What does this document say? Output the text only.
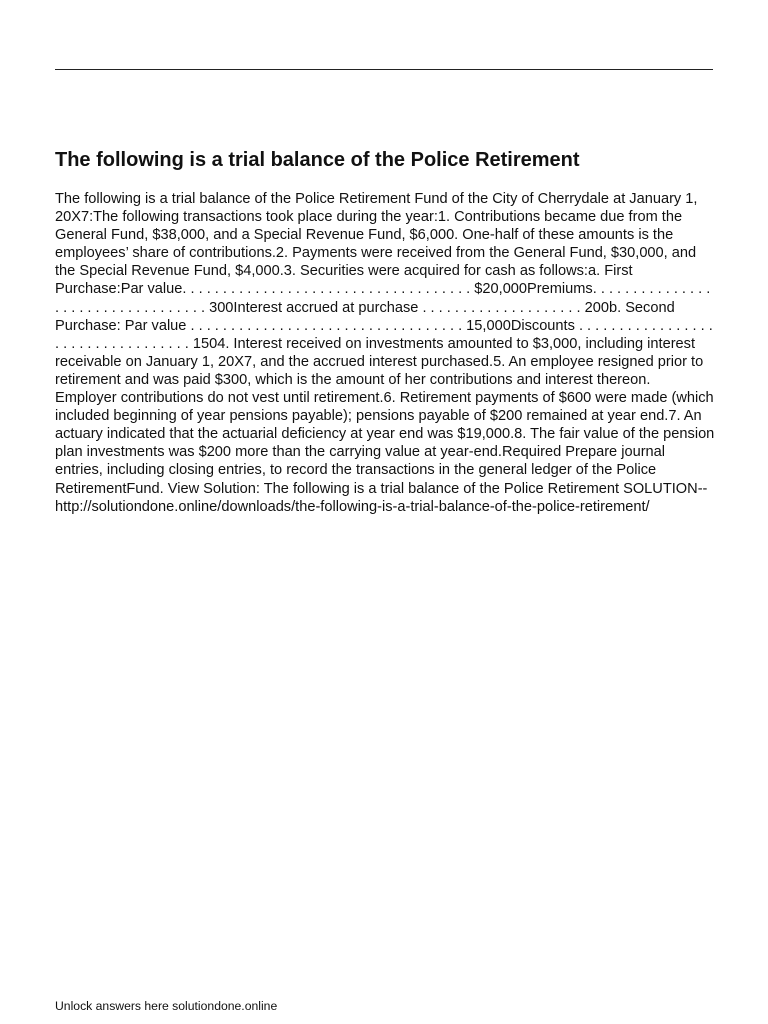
The following is a trial balance of the Police Retirement

The following is a trial balance of the Police Retirement Fund of the City of Cherrydale at January 1, 20X7:The following transactions took place during the year:1. Contributions became due from the General Fund, $38,000, and a Special Revenue Fund, $6,000. One-half of these amounts is the employees’ share of contributions.2. Payments were received from the General Fund, $30,000, and the Special Revenue Fund, $4,000.3. Securities were acquired for cash as follows:a. First Purchase:Par value. . . . . . . . . . . . . . . . . . . . . . . . . . . . . . . . . . . . $20,000Premiums. . . . . . . . . . . . . . . . . . . . . . . . . . . . . . . . . . 300Interest accrued at purchase . . . . . . . . . . . . . . . . . . . . 200b. Second Purchase: Par value . . . . . . . . . . . . . . . . . . . . . . . . . . . . . . . . . . 15,000Discounts . . . . . . . . . . . . . . . . . . . . . . . . . . . . . . . . . . 1504. Interest received on investments amounted to $3,000, including interest receivable on January 1, 20X7, and the accrued interest purchased.5. An employee resigned prior to retirement and was paid $300, which is the amount of her contributions and interest thereon. Employer contributions do not vest until retirement.6. Retirement payments of $600 were made (which included beginning of year pensions payable); pensions payable of $200 remained at year end.7. An actuary indicated that the actuarial deficiency at year end was $19,000.8. The fair value of the pension plan investments was $200 more than the carrying value at year-end.Required Prepare journal entries, including closing entries, to record the transactions in the general ledger of the Police RetirementFund. View Solution: The following is a trial balance of the Police Retirement SOLUTION-- http://solutiondone.online/downloads/the-following-is-a-trial-balance-of-the-police-retirement/

Unlock answers here solutiondone.online
